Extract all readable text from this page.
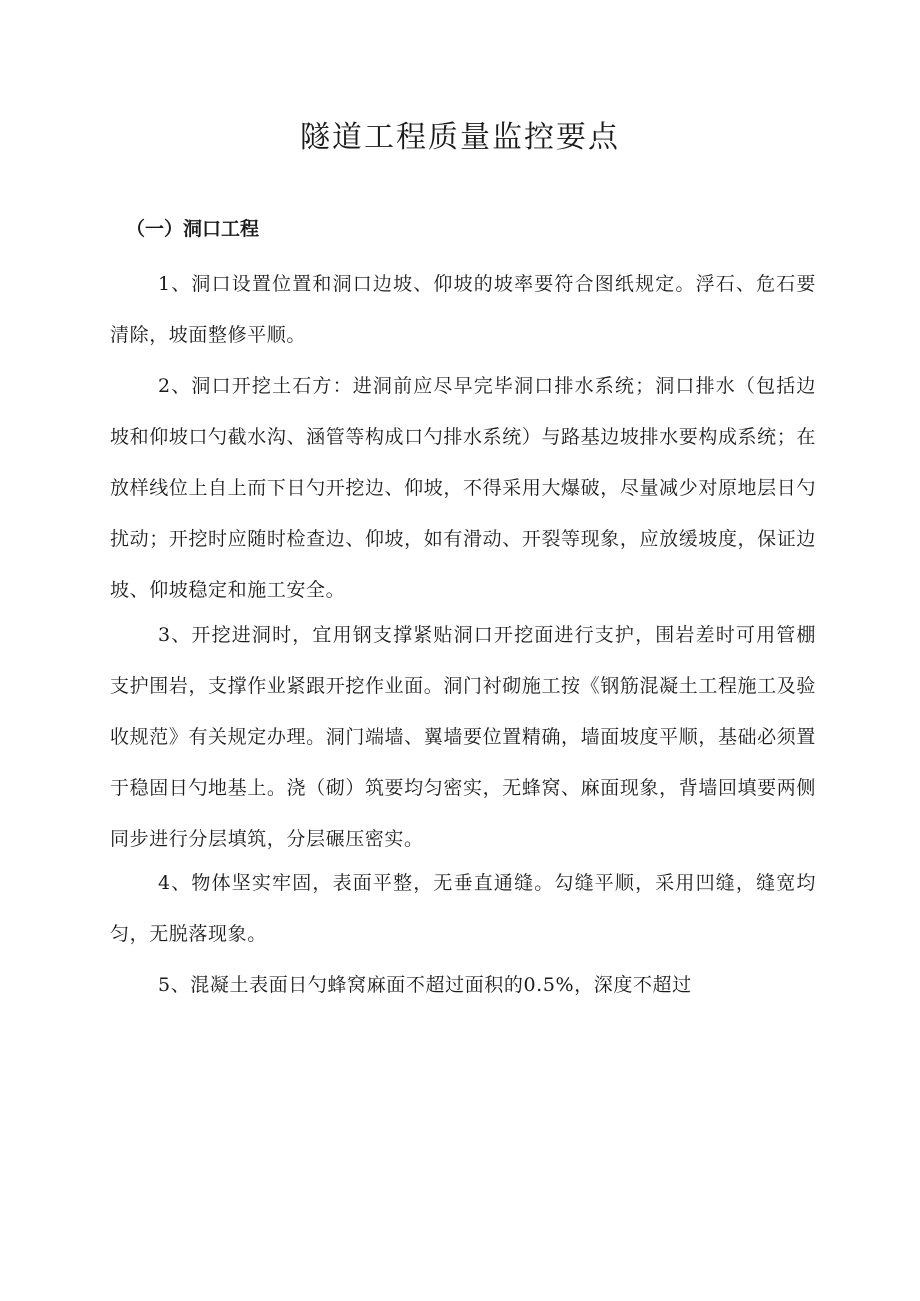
隧道工程质量监控要点
（一）洞口工程

1、洞口设置位置和洞口边坡、仰坡的坡率要符合图纸规定。浮石、危石要清除，坡面整修平顺。

2、洞口开挖土石方：进洞前应尽早完毕洞口排水系统；洞口排水（包括边坡和仰坡口勺截水沟、涵管等构成口勺排水系统）与路基边坡排水要构成系统；在放样线位上自上而下日勺开挖边、仰坡，不得采用大爆破，尽量减少对原地层日勺扰动；开挖时应随时检查边、仰坡，如有滑动、开裂等现象，应放缓坡度，保证边坡、仰坡稳定和施工安全。

3、开挖进洞时，宜用钢支撑紧贴洞口开挖面进行支护，围岩差时可用管棚支护围岩，支撑作业紧跟开挖作业面。洞门衬砌施工按《钢筋混凝土工程施工及验收规范》有关规定办理。洞门端墙、翼墙要位置精确，墙面坡度平顺，基础必须置于稳固日勺地基上。浇（砌）筑要均匀密实，无蜂窝、麻面现象，背墙回填要两侧同步进行分层填筑，分层碾压密实。

4、物体坚实牢固，表面平整，无垂直通缝。勾缝平顺，采用凹缝，缝宽均匀，无脱落现象。

5、混凝土表面日勺蜂窝麻面不超过面积的0.5%，深度不超过
